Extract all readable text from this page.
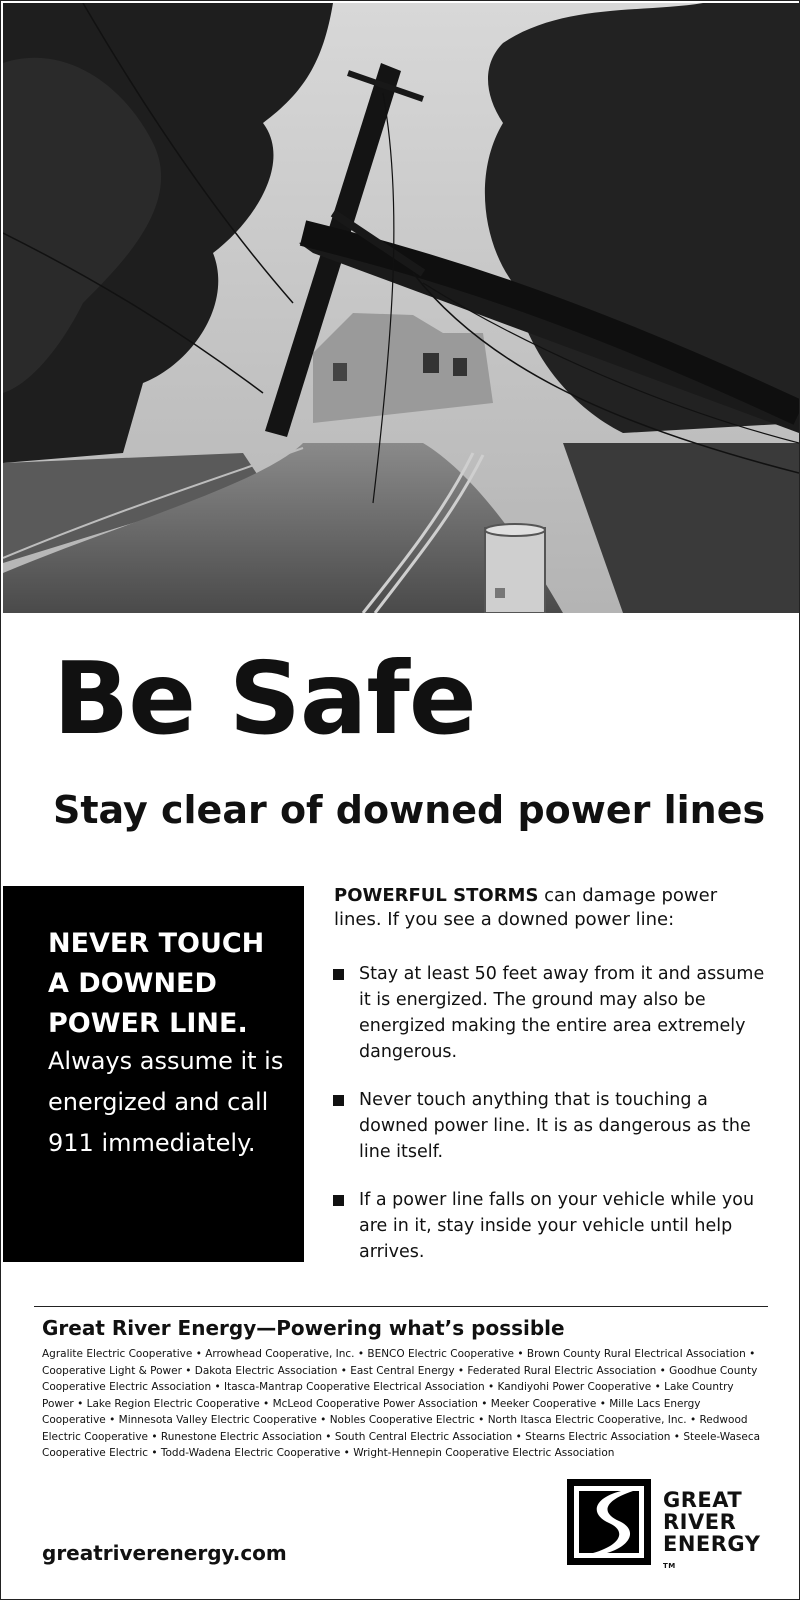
Be Safe
Stay clear of downed power lines
NEVER TOUCH
A DOWNED
POWER LINE.
Always assume it is energized and call 911 immediately.
POWERFUL STORMS can damage power lines. If you see a downed power line:
Stay at least 50 feet away from it and assume it is energized. The ground may also be energized making the entire area extremely dangerous.
Never touch anything that is touching a downed power line. It is as dangerous as the line itself.
If a power line falls on your vehicle while you are in it, stay inside your vehicle until help arrives.

Great River Energy—Powering what’s possible

Agralite Electric Cooperative • Arrowhead Cooperative, Inc. • BENCO Electric Cooperative • Brown County Rural Electrical Association • Cooperative Light & Power • Dakota Electric Association • East Central Energy • Federated Rural Electric Association • Goodhue County Cooperative Electric Association • Itasca-Mantrap Cooperative Electrical Association • Kandiyohi Power Cooperative • Lake Country Power • Lake Region Electric Cooperative • McLeod Cooperative Power Association • Meeker Cooperative • Mille Lacs Energy Cooperative • Minnesota Valley Electric Cooperative • Nobles Cooperative Electric • North Itasca Electric Cooperative, Inc. • Redwood Electric Cooperative • Runestone Electric Association • South Central Electric Association • Stearns Electric Association • Steele-Waseca Cooperative Electric • Todd-Wadena Electric Cooperative • Wright-Hennepin Cooperative Electric Association

greatriverenergy.com

GREAT
RIVER
ENERGY
TM
